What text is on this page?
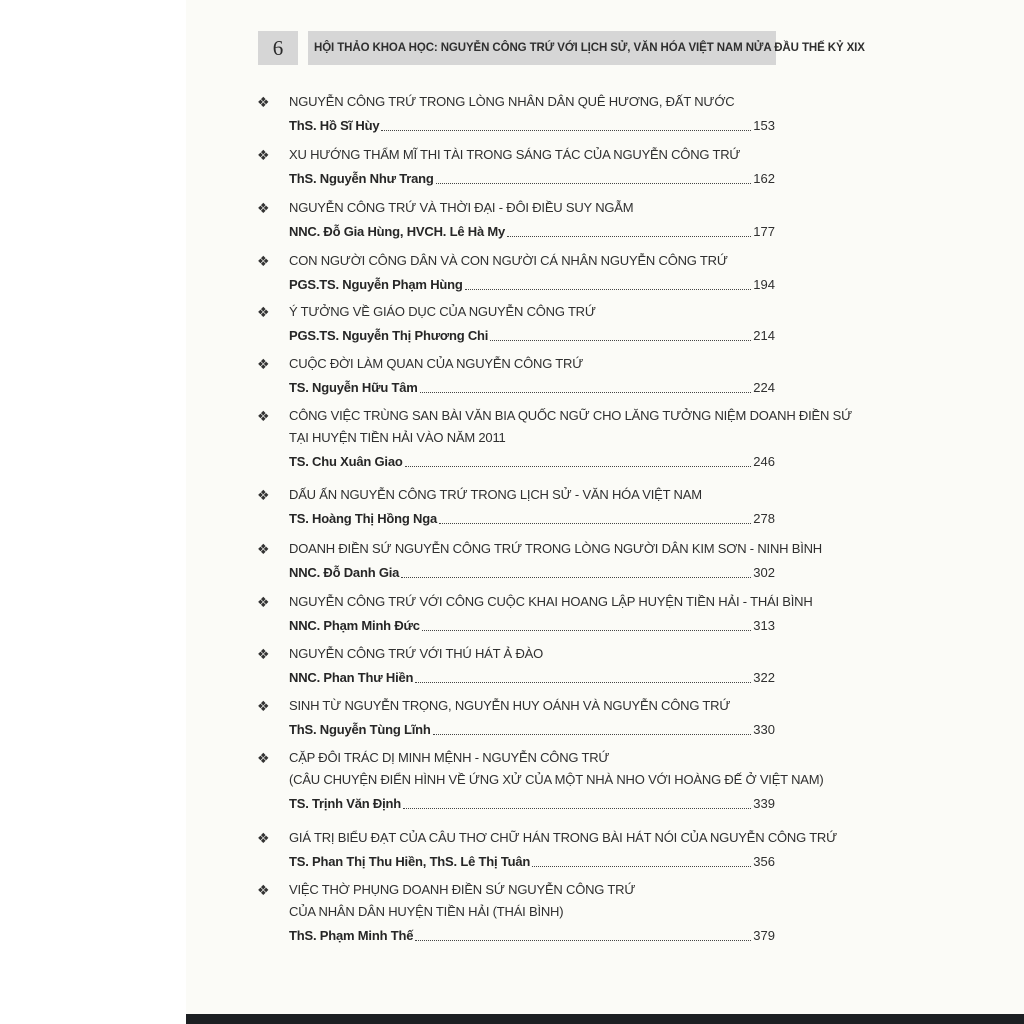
6	HỘI THẢO KHOA HỌC: NGUYỄN CÔNG TRỨ VỚI LỊCH SỬ, VĂN HÓA VIỆT NAM NỬA ĐẦU THẾ KỶ XIX
❖ NGUYỄN CÔNG TRỨ TRONG LÒNG NHÂN DÂN QUÊ HƯƠNG, ĐẤT NƯỚC
ThS. Hồ Sĩ Hùy	153
❖ XU HƯỚNG THẨM MĨ THI TÀI TRONG SÁNG TÁC CỦA NGUYỄN CÔNG TRỨ
ThS. Nguyễn Như Trang	162
❖ NGUYỄN CÔNG TRỨ VÀ THỜI ĐẠI - ĐÔI ĐIỀU SUY NGẪM
NNC. Đỗ Gia Hùng, HVCH. Lê Hà My	177
❖ CON NGƯỜI CÔNG DÂN VÀ CON NGƯỜI CÁ NHÂN NGUYỄN CÔNG TRỨ
PGS.TS. Nguyễn Phạm Hùng	194
❖ Ý TƯỞNG VỀ GIÁO DỤC CỦA NGUYỄN CÔNG TRỨ
PGS.TS. Nguyễn Thị Phương Chi	214
❖ CUỘC ĐỜI LÀM QUAN CỦA NGUYỄN CÔNG TRỨ
TS. Nguyễn Hữu Tâm	224
❖ CÔNG VIỆC TRÙNG SAN BÀI VĂN BIA QUỐC NGỮ CHO LĂNG TƯỞNG NIỆM DOANH ĐIỀN SỨ
TẠI HUYỆN TIỀN HẢI VÀO NĂM 2011
TS. Chu Xuân Giao	246
❖ DẤU ẤN NGUYỄN CÔNG TRỨ TRONG LỊCH SỬ - VĂN HÓA VIỆT NAM
TS. Hoàng Thị Hồng Nga	278
❖ DOANH ĐIỀN SỨ NGUYỄN CÔNG TRỨ TRONG LÒNG NGƯỜI DÂN KIM SƠN - NINH BÌNH
NNC. Đỗ Danh Gia	302
❖ NGUYỄN CÔNG TRỨ VỚI CÔNG CUỘC KHAI HOANG LẬP HUYỆN TIỀN HẢI - THÁI BÌNH
NNC. Phạm Minh Đức	313
❖ NGUYỄN CÔNG TRỨ VỚI THÚ HÁT Ả ĐÀO
NNC. Phan Thư Hiền	322
❖ SINH TỪ NGUYỄN TRỌNG, NGUYỄN HUY OÁNH VÀ NGUYỄN CÔNG TRỨ
ThS. Nguyễn Tùng Lĩnh	330
❖ CẶP ĐÔI TRÁC DỊ MINH MỆNH - NGUYỄN CÔNG TRỨ
(CÂU CHUYỆN ĐIỂN HÌNH VỀ ỨNG XỬ CỦA MỘT NHÀ NHO VỚI HOÀNG ĐẾ Ở VIỆT NAM)
TS. Trịnh Văn Định	339
❖ GIÁ TRỊ BIỂU ĐẠT CỦA CÂU THƠ CHỮ HÁN TRONG BÀI HÁT NÓI CỦA NGUYỄN CÔNG TRỨ
TS. Phan Thị Thu Hiền, ThS. Lê Thị Tuân	356
❖ VIỆC THỜ PHỤNG DOANH ĐIỀN SỨ NGUYỄN CÔNG TRỨ
CỦA NHÂN DÂN HUYỆN TIỀN HẢI (THÁI BÌNH)
ThS. Phạm Minh Thế	379
